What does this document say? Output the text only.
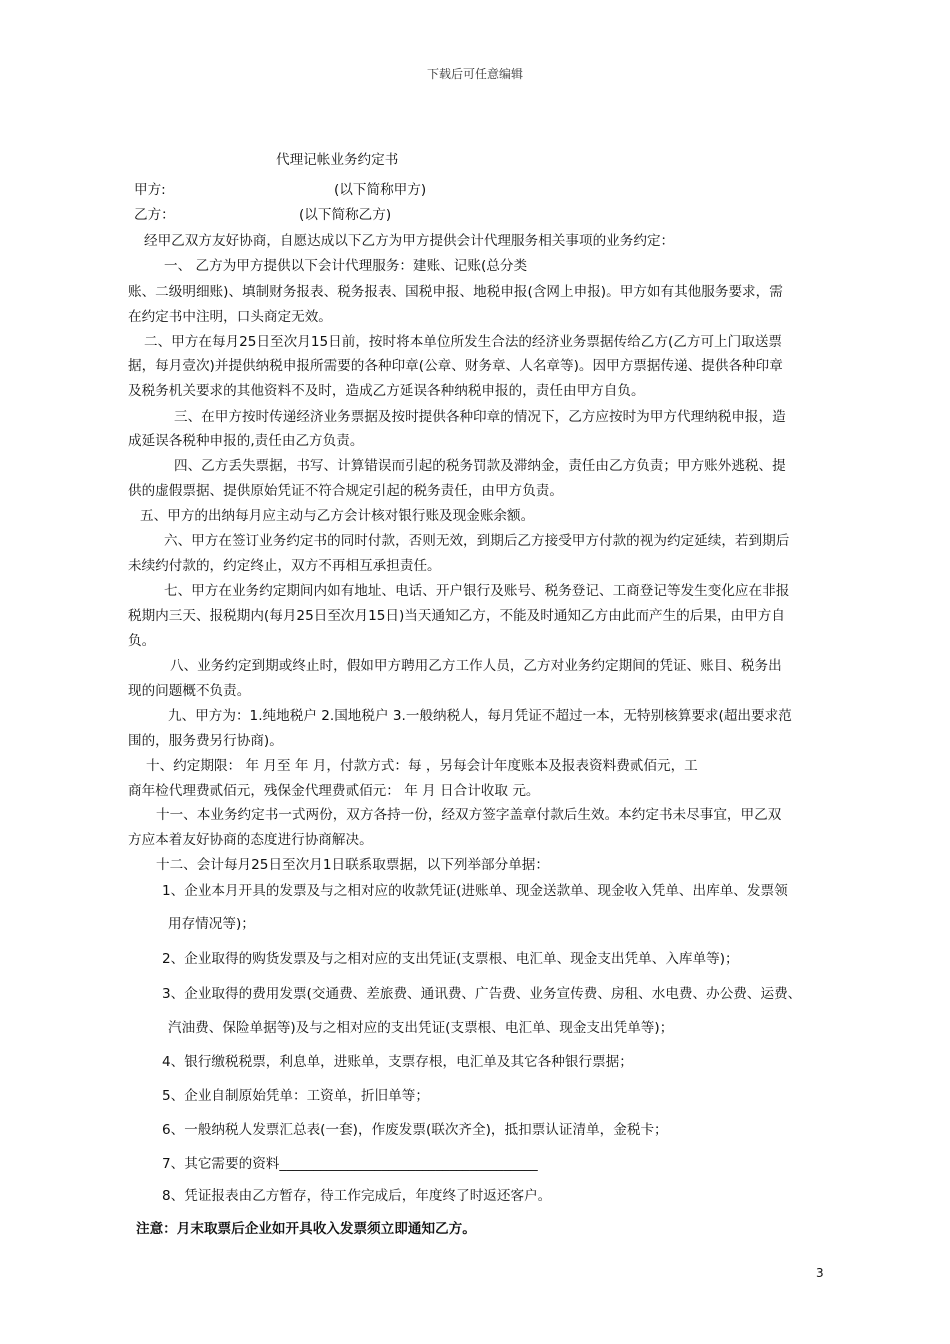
下载后可任意编辑
代理记帐业务约定书
甲方:	(以下简称甲方)
乙方：	(以下简称乙方)
经甲乙双方友好协商，自愿达成以下乙方为甲方提供会计代理服务相关事项的业务约定：
一、 乙方为甲方提供以下会计代理服务：建账、记账(总分类
账、二级明细账)、填制财务报表、税务报表、国税申报、地税申报(含网上申报)。甲方如有其他服务要求，需
在约定书中注明，口头商定无效。
二、甲方在每月25日至次月15日前，按时将本单位所发生合法的经济业务票据传给乙方(乙方可上门取送票
据，每月壹次)并提供纳税申报所需要的各种印章(公章、财务章、人名章等)。因甲方票据传递、提供各种印章
及税务机关要求的其他资料不及时，造成乙方延误各种纳税申报的，责任由甲方自负。
三、在甲方按时传递经济业务票据及按时提供各种印章的情况下，乙方应按时为甲方代理纳税申报，造
成延误各税种申报的,责任由乙方负责。
四、乙方丢失票据，书写、计算错误而引起的税务罚款及滞纳金，责任由乙方负责；甲方账外逃税、提
供的虚假票据、提供原始凭证不符合规定引起的税务责任，由甲方负责。
五、甲方的出纳每月应主动与乙方会计核对银行账及现金账余额。
六、甲方在签订业务约定书的同时付款，否则无效，到期后乙方接受甲方付款的视为约定延续，若到期后
未续约付款的，约定终止，双方不再相互承担责任。
七、甲方在业务约定期间内如有地址、电话、开户银行及账号、税务登记、工商登记等发生变化应在非报
税期内三天、报税期内(每月25日至次月15日)当天通知乙方，不能及时通知乙方由此而产生的后果，由甲方自
负。
八、业务约定到期或终止时，假如甲方聘用乙方工作人员，乙方对业务约定期间的凭证、账目、税务出
现的问题概不负责。
九、甲方为：1.纯地税户 2.国地税户 3.一般纳税人，每月凭证不超过一本，无特别核算要求(超出要求范
围的，服务费另行协商)。
十、约定期限： 年 月至 年 月，付款方式：每 ，另每会计年度账本及报表资料费贰佰元，工
商年检代理费贰佰元，残保金代理费贰佰元： 年 月 日合计收取 元。
十一、本业务约定书一式两份，双方各持一份，经双方签字盖章付款后生效。本约定书未尽事宜，甲乙双
方应本着友好协商的态度进行协商解决。
十二、会计每月25日至次月1日联系取票据，以下列举部分单据：
1、企业本月开具的发票及与之相对应的收款凭证(进账单、现金送款单、现金收入凭单、出库单、发票领
用存情况等)；
2、企业取得的购货发票及与之相对应的支出凭证(支票根、电汇单、现金支出凭单、入库单等)；
3、企业取得的费用发票(交通费、差旅费、通讯费、广告费、业务宣传费、房租、水电费、办公费、运费、
汽油费、保险单据等)及与之相对应的支出凭证(支票根、电汇单、现金支出凭单等)；
4、银行缴税税票，利息单，进账单，支票存根，电汇单及其它各种银行票据；
5、企业自制原始凭单：工资单，折旧单等；
6、一般纳税人发票汇总表(一套)，作废发票(联次齐全)，抵扣票认证清单，金税卡；
7、其它需要的资料______________________________________
8、凭证报表由乙方暂存，待工作完成后，年度终了时返还客户。
注意：月末取票后企业如开具收入发票须立即通知乙方。
3
